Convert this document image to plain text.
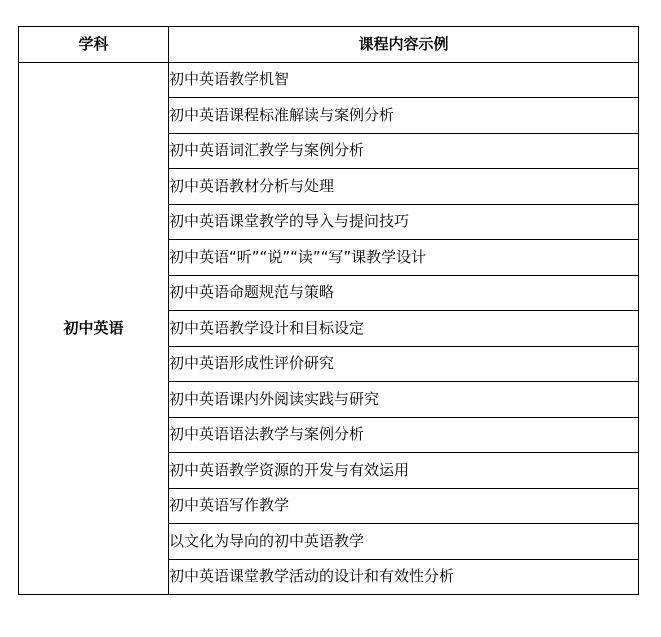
学科	课程内容示例
初中英语	初中英语教学机智
	初中英语课程标准解读与案例分析
	初中英语词汇教学与案例分析
	初中英语教材分析与处理
	初中英语课堂教学的导入与提问技巧
	初中英语“听”“说”“读”“写”课教学设计
	初中英语命题规范与策略
	初中英语教学设计和目标设定
	初中英语形成性评价研究
	初中英语课内外阅读实践与研究
	初中英语语法教学与案例分析
	初中英语教学资源的开发与有效运用
	初中英语写作教学
	以文化为导向的初中英语教学
	初中英语课堂教学活动的设计和有效性分析
